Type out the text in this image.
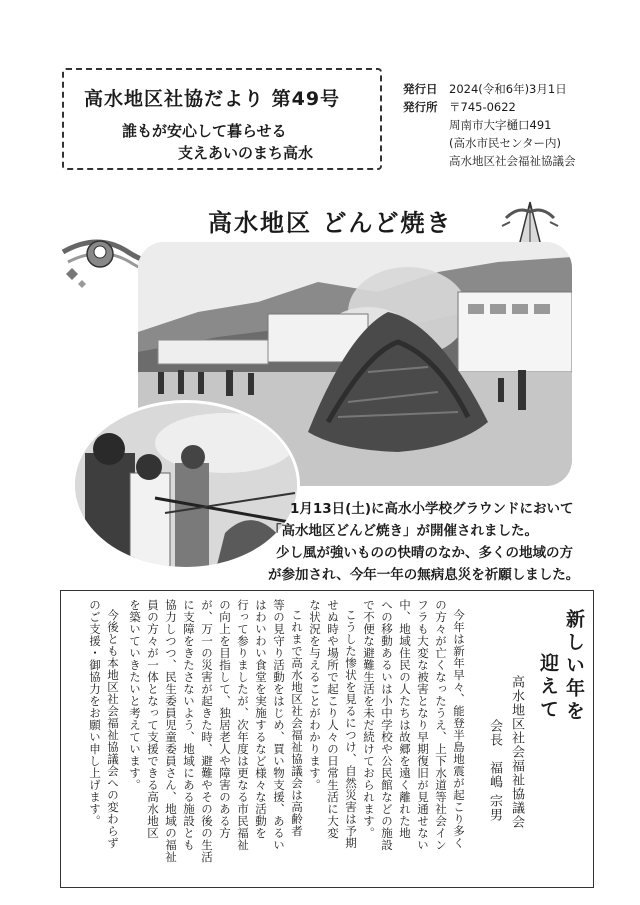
高水地区社協だより 第49号
誰もが安心して暮らせる
支えあいのまち高水
発行日	2024(令和6年)3月1日
発行所	〒745-0622
周南市大字樋口491
(高水市民センター内)
高水地区社会福祉協議会
高水地区 どんど焼き

1月13日(土)に高水小学校グラウンドにおいて

「高水地区どんど焼き」が開催されました。

少し風が強いものの快晴のなか、多くの地域の方

が参加され、今年一年の無病息災を祈願しました。

新しい年を
迎えて
高水地区社会福祉協議会
会長　福嶋 宗男
今年は新年早々、能登半島地震が起こり多く
の方々が亡くなったうえ、上下水道等社会イン
フラも大変な被害となり早期復旧が見通せない
中、地域住民の人たちは故郷を遠く離れた地
への移動あるいは小中学校や公民館などの施設
で不便な避難生活を未だ続けておられます。
こうした惨状を見るにつけ、自然災害は予期
せぬ時や場所で起こり人々の日常生活に大変
な状況を与えることがわかります。
これまで高水地区社会福祉協議会は高齢者
等の見守り活動をはじめ、買い物支援、あるい
はわいわい食堂を実施するなど様々な活動を
行って参りましたが、次年度は更なる市民福祉
の向上を目指して、独居老人や障害のある方
が、万一の災害が起きた時、避難やその後の生活
に支障をきたさないよう、地域にある施設とも
協力しつつ、民生委員児童委員さん、地域の福祉
員の方々が一体となって支援できる高水地区
を築いていきたいと考えています。
今後とも本地区社会福祉協議会への変わらず
のご支援・御協力をお願い申し上げます。
